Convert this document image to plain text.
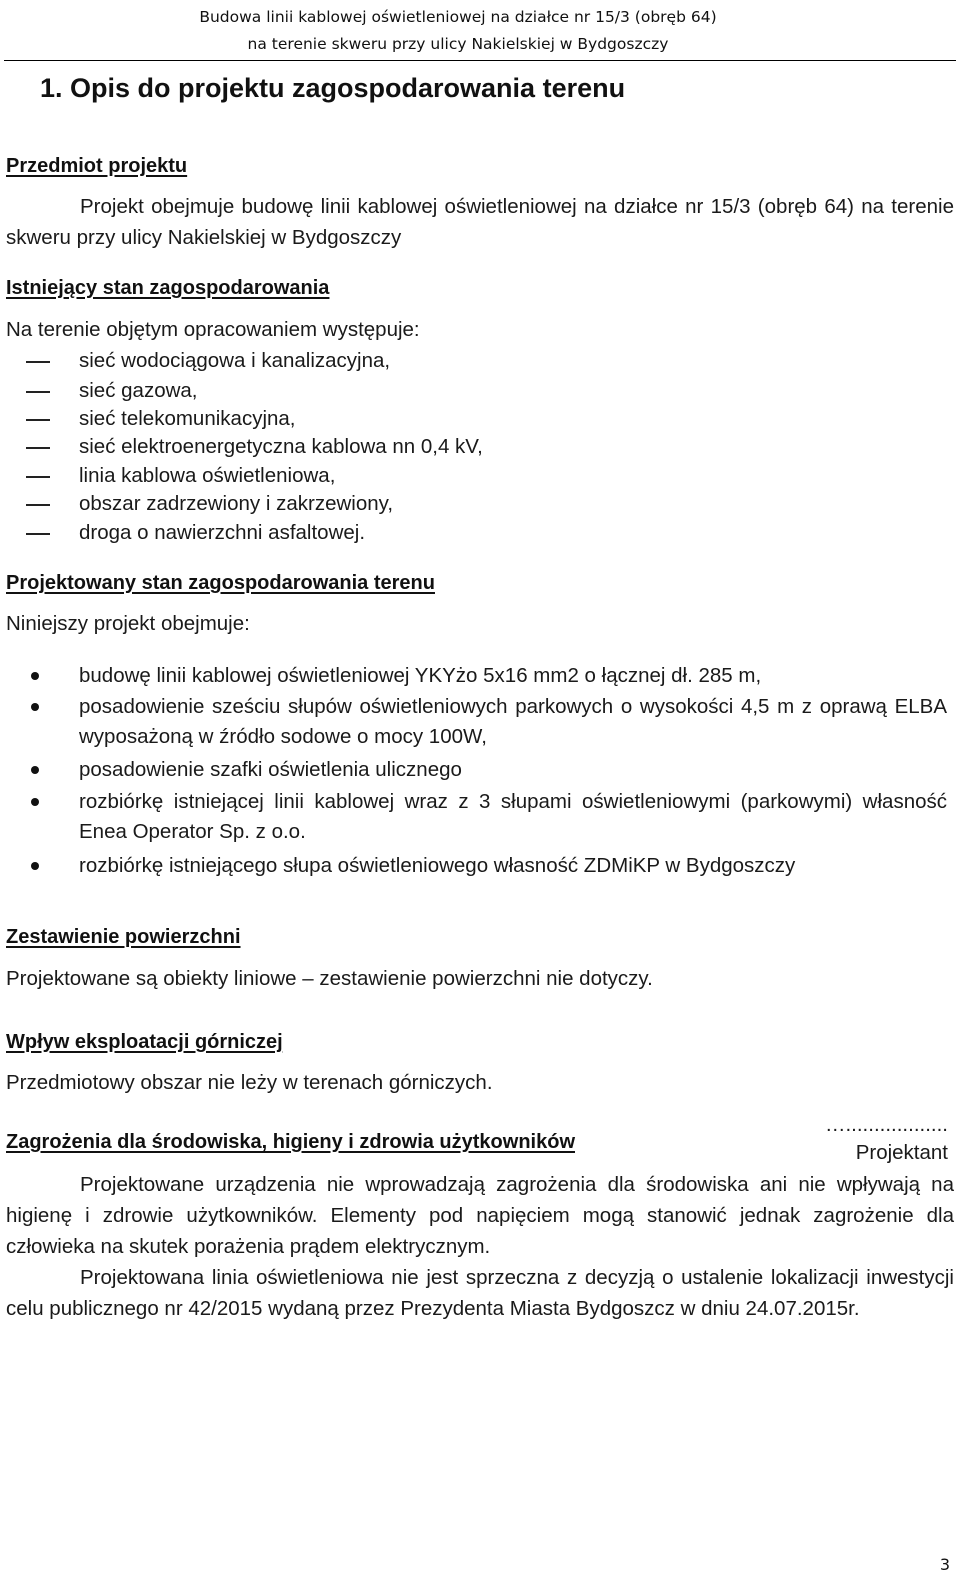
Budowa linii kablowej oświetleniowej na działce nr 15/3 (obręb 64)
na terenie skweru przy ulicy Nakielskiej w Bydgoszczy
1. Opis do projektu zagospodarowania terenu
Przedmiot projektu

Projekt obejmuje budowę linii kablowej oświetleniowej na działce nr 15/3 (obręb 64) na terenie skweru przy ulicy Nakielskiej w Bydgoszczy

Istniejący stan zagospodarowania

Na terenie objętym opracowaniem występuje:

sieć wodociągowa i kanalizacyjna,
sieć gazowa,
sieć telekomunikacyjna,
sieć elektroenergetyczna kablowa nn 0,4 kV,
linia kablowa oświetleniowa,
obszar zadrzewiony i zakrzewiony,
droga o nawierzchni asfaltowej.
Projektowany stan zagospodarowania terenu

Niniejszy projekt obejmuje:

budowę linii kablowej oświetleniowej YKYżo 5x16 mm2 o łącznej dł. 285 m,
posadowienie sześciu słupów oświetleniowych parkowych o wysokości 4,5 m z oprawą ELBA wyposażoną w źródło sodowe o mocy 100W,
posadowienie szafki oświetlenia ulicznego
rozbiórkę istniejącej linii kablowej wraz z 3 słupami oświetleniowymi (parkowymi) własność Enea Operator Sp. z o.o.
rozbiórkę istniejącego słupa oświetleniowego własność ZDMiKP w Bydgoszczy
Zestawienie powierzchni

Projektowane są obiekty liniowe – zestawienie powierzchni nie dotyczy.

Wpływ eksploatacji górniczej

Przedmiotowy obszar nie leży w terenach górniczych.

Zagrożenia dla środowiska, higieny i zdrowia użytkowników

Projektowane urządzenia nie wprowadzają zagrożenia dla środowiska ani nie wpływają na higienę i zdrowie użytkowników. Elementy pod napięciem mogą stanowić jednak zagrożenie dla człowieka na skutek porażenia prądem elektrycznym.

Projektowana linia oświetleniowa nie jest sprzeczna z decyzją o ustalenie lokalizacji inwestycji celu publicznego nr 42/2015 wydaną przez Prezydenta Miasta Bydgoszcz w dniu 24.07.2015r.

…..................
Projektant
3
